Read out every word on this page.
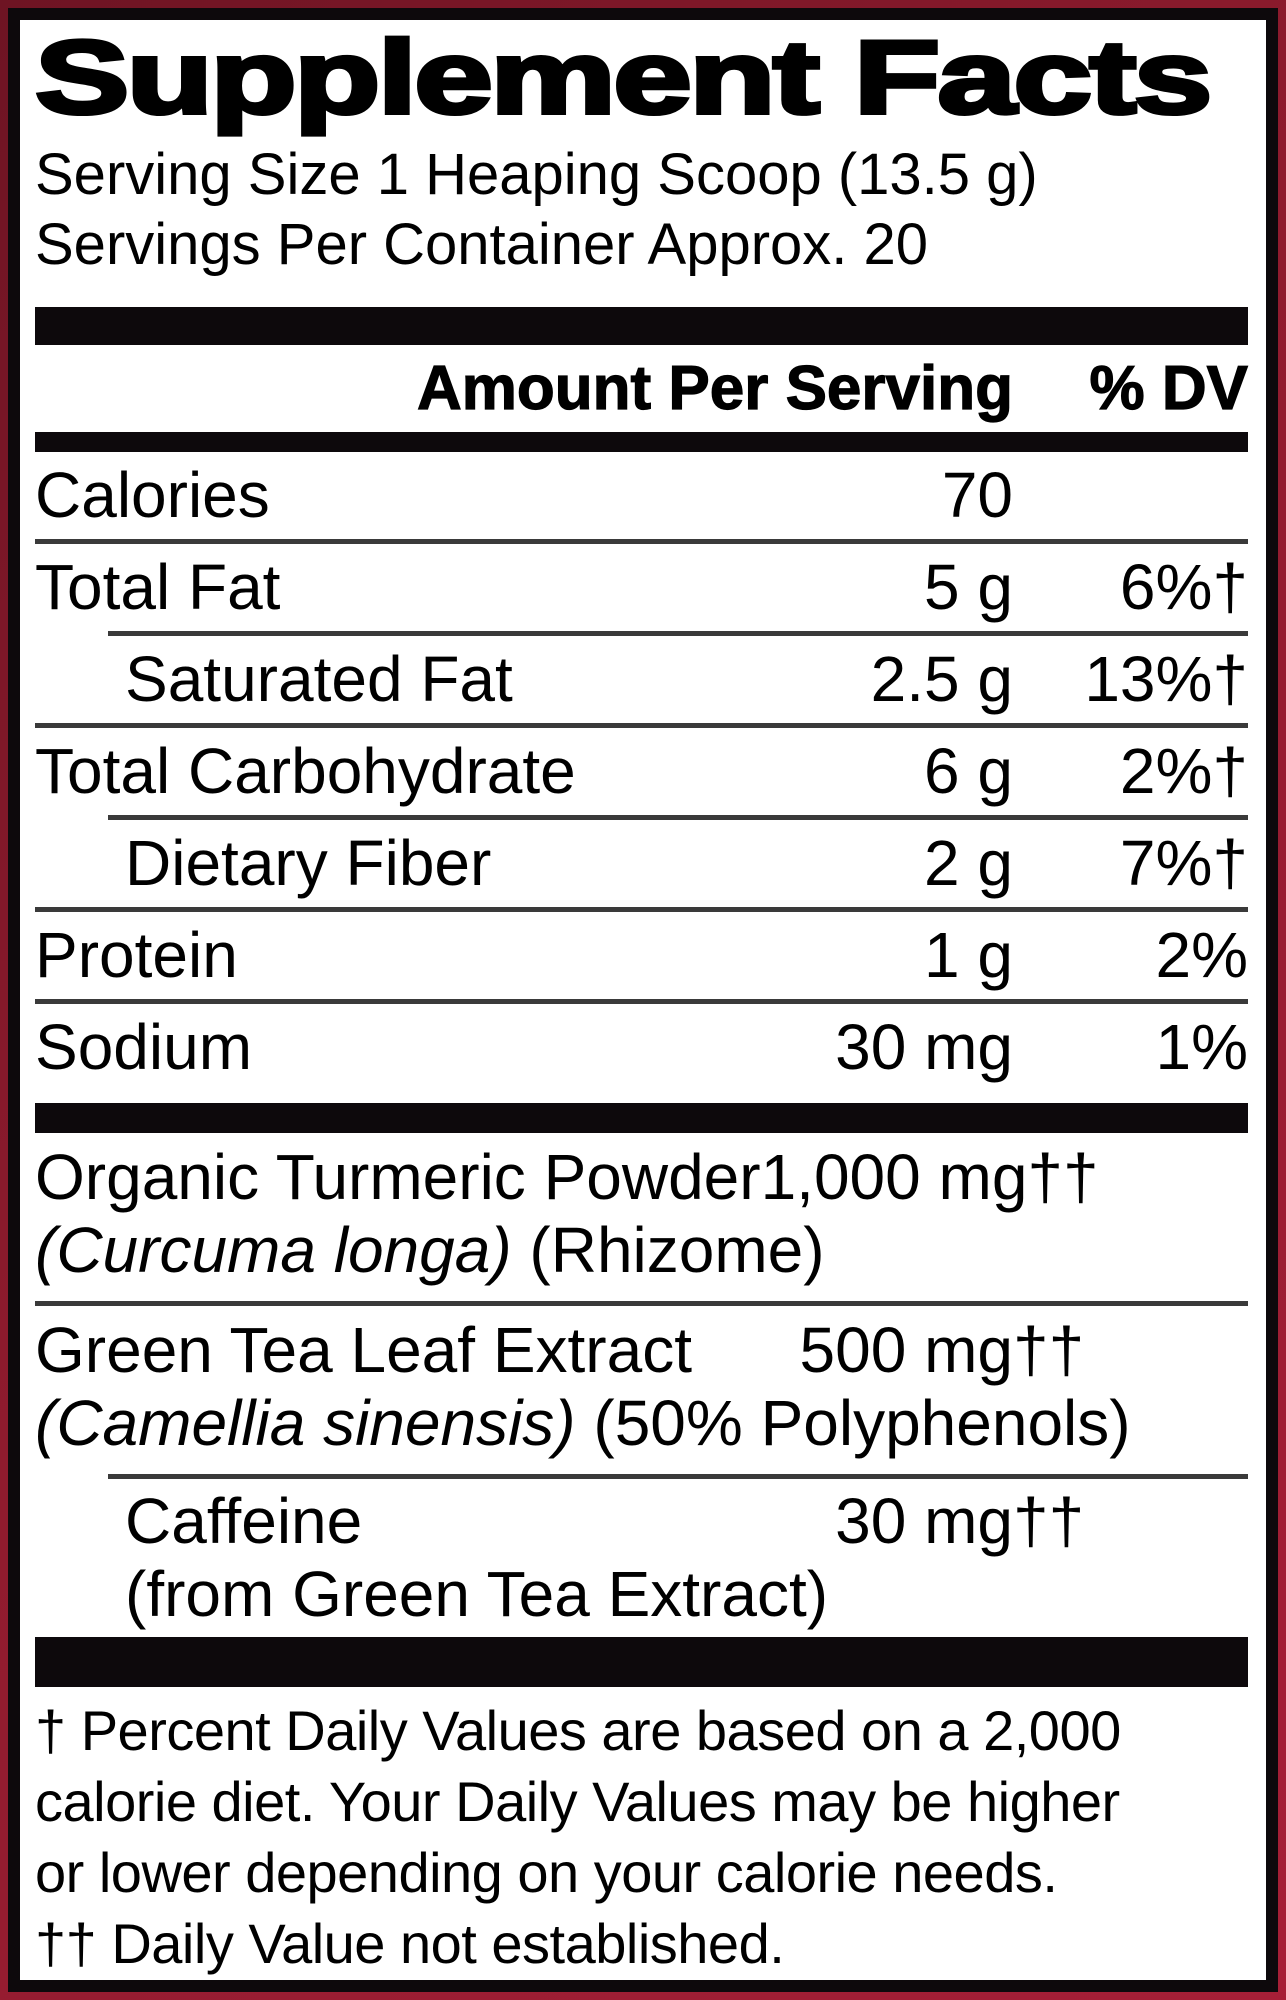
Supplement Facts
Serving Size 1 Heaping Scoop (13.5 g)
Servings Per Container Approx. 20
Amount Per Serving	% DV
Calories	70
Total Fat	5 g	6%†
Saturated Fat	2.5 g	13%†
Total Carbohydrate	6 g	2%†
Dietary Fiber	2 g	7%†
Protein	1 g	2%
Sodium	30 mg	1%
Organic Turmeric Powder 1,000 mg ††
(Curcuma longa) (Rhizome)
Green Tea Leaf Extract	500 mg ††
(Camellia sinensis) (50% Polyphenols)
Caffeine	30 mg ††
(from Green Tea Extract)
† Percent Daily Values are based on a 2,000
calorie diet. Your Daily Values may be higher
or lower depending on your calorie needs.
†† Daily Value not established.
